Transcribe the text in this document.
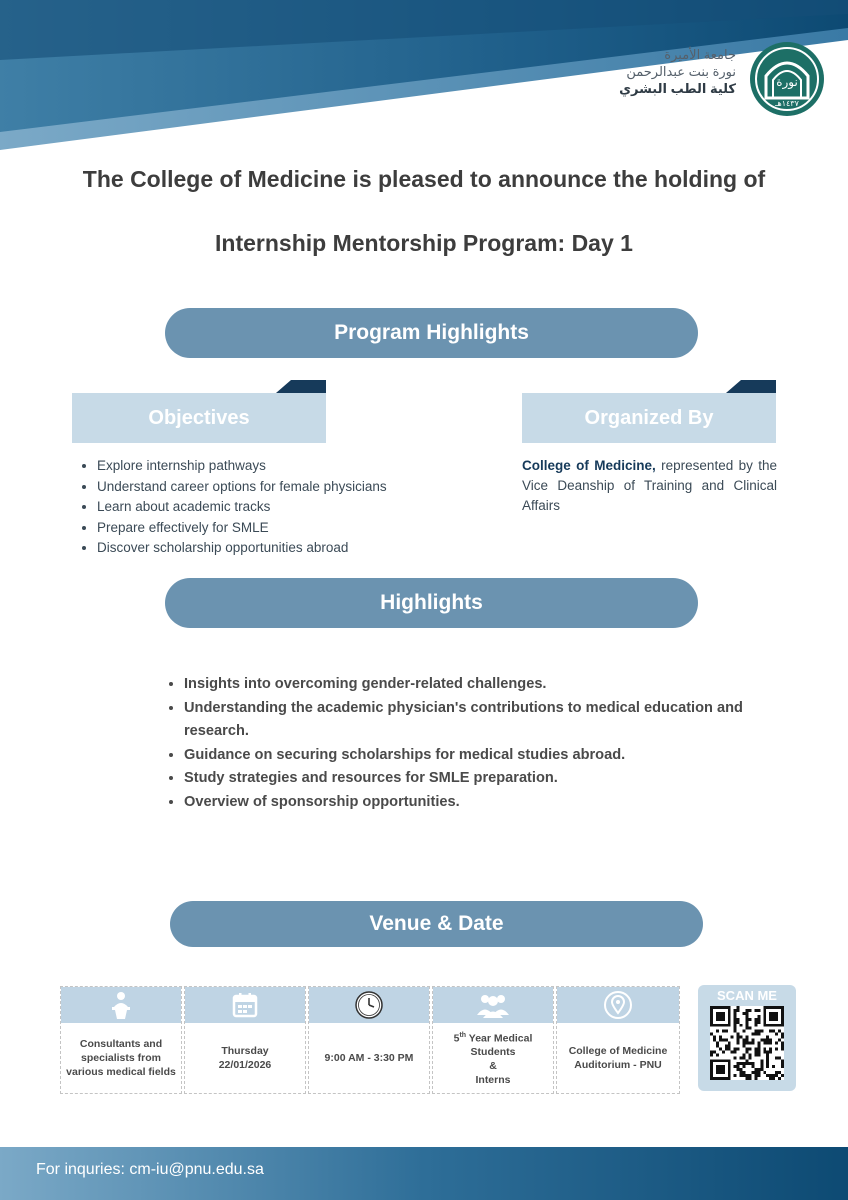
نورة
١٤٣٧هـ
جامعة الأميرة
نورة بنت عبدالرحمن
كلية الطب البشري
The College of Medicine is pleased to announce the holding of
Internship Mentorship Program: Day 1
Program Highlights
Objectives	Organized By
• Explore internship pathways
• Understand career options for female physicians
• Learn about academic tracks
• Prepare effectively for SMLE
• Discover scholarship opportunities abroad
College of Medicine, represented by the Vice Deanship of Training and Clinical Affairs
Highlights
• Insights into overcoming gender-related challenges.
• Understanding the academic physician's contributions to medical education and research.
• Guidance on securing scholarships for medical studies abroad.
• Study strategies and resources for SMLE preparation.
• Overview of sponsorship opportunities.
Venue & Date
Consultants and specialists from various medical fields
Thursday
22/01/2026
9:00 AM - 3:30 PM
5th Year Medical Students
&
Interns
College of Medicine Auditorium - PNU
SCAN ME
For inquries: cm-iu@pnu.edu.sa
